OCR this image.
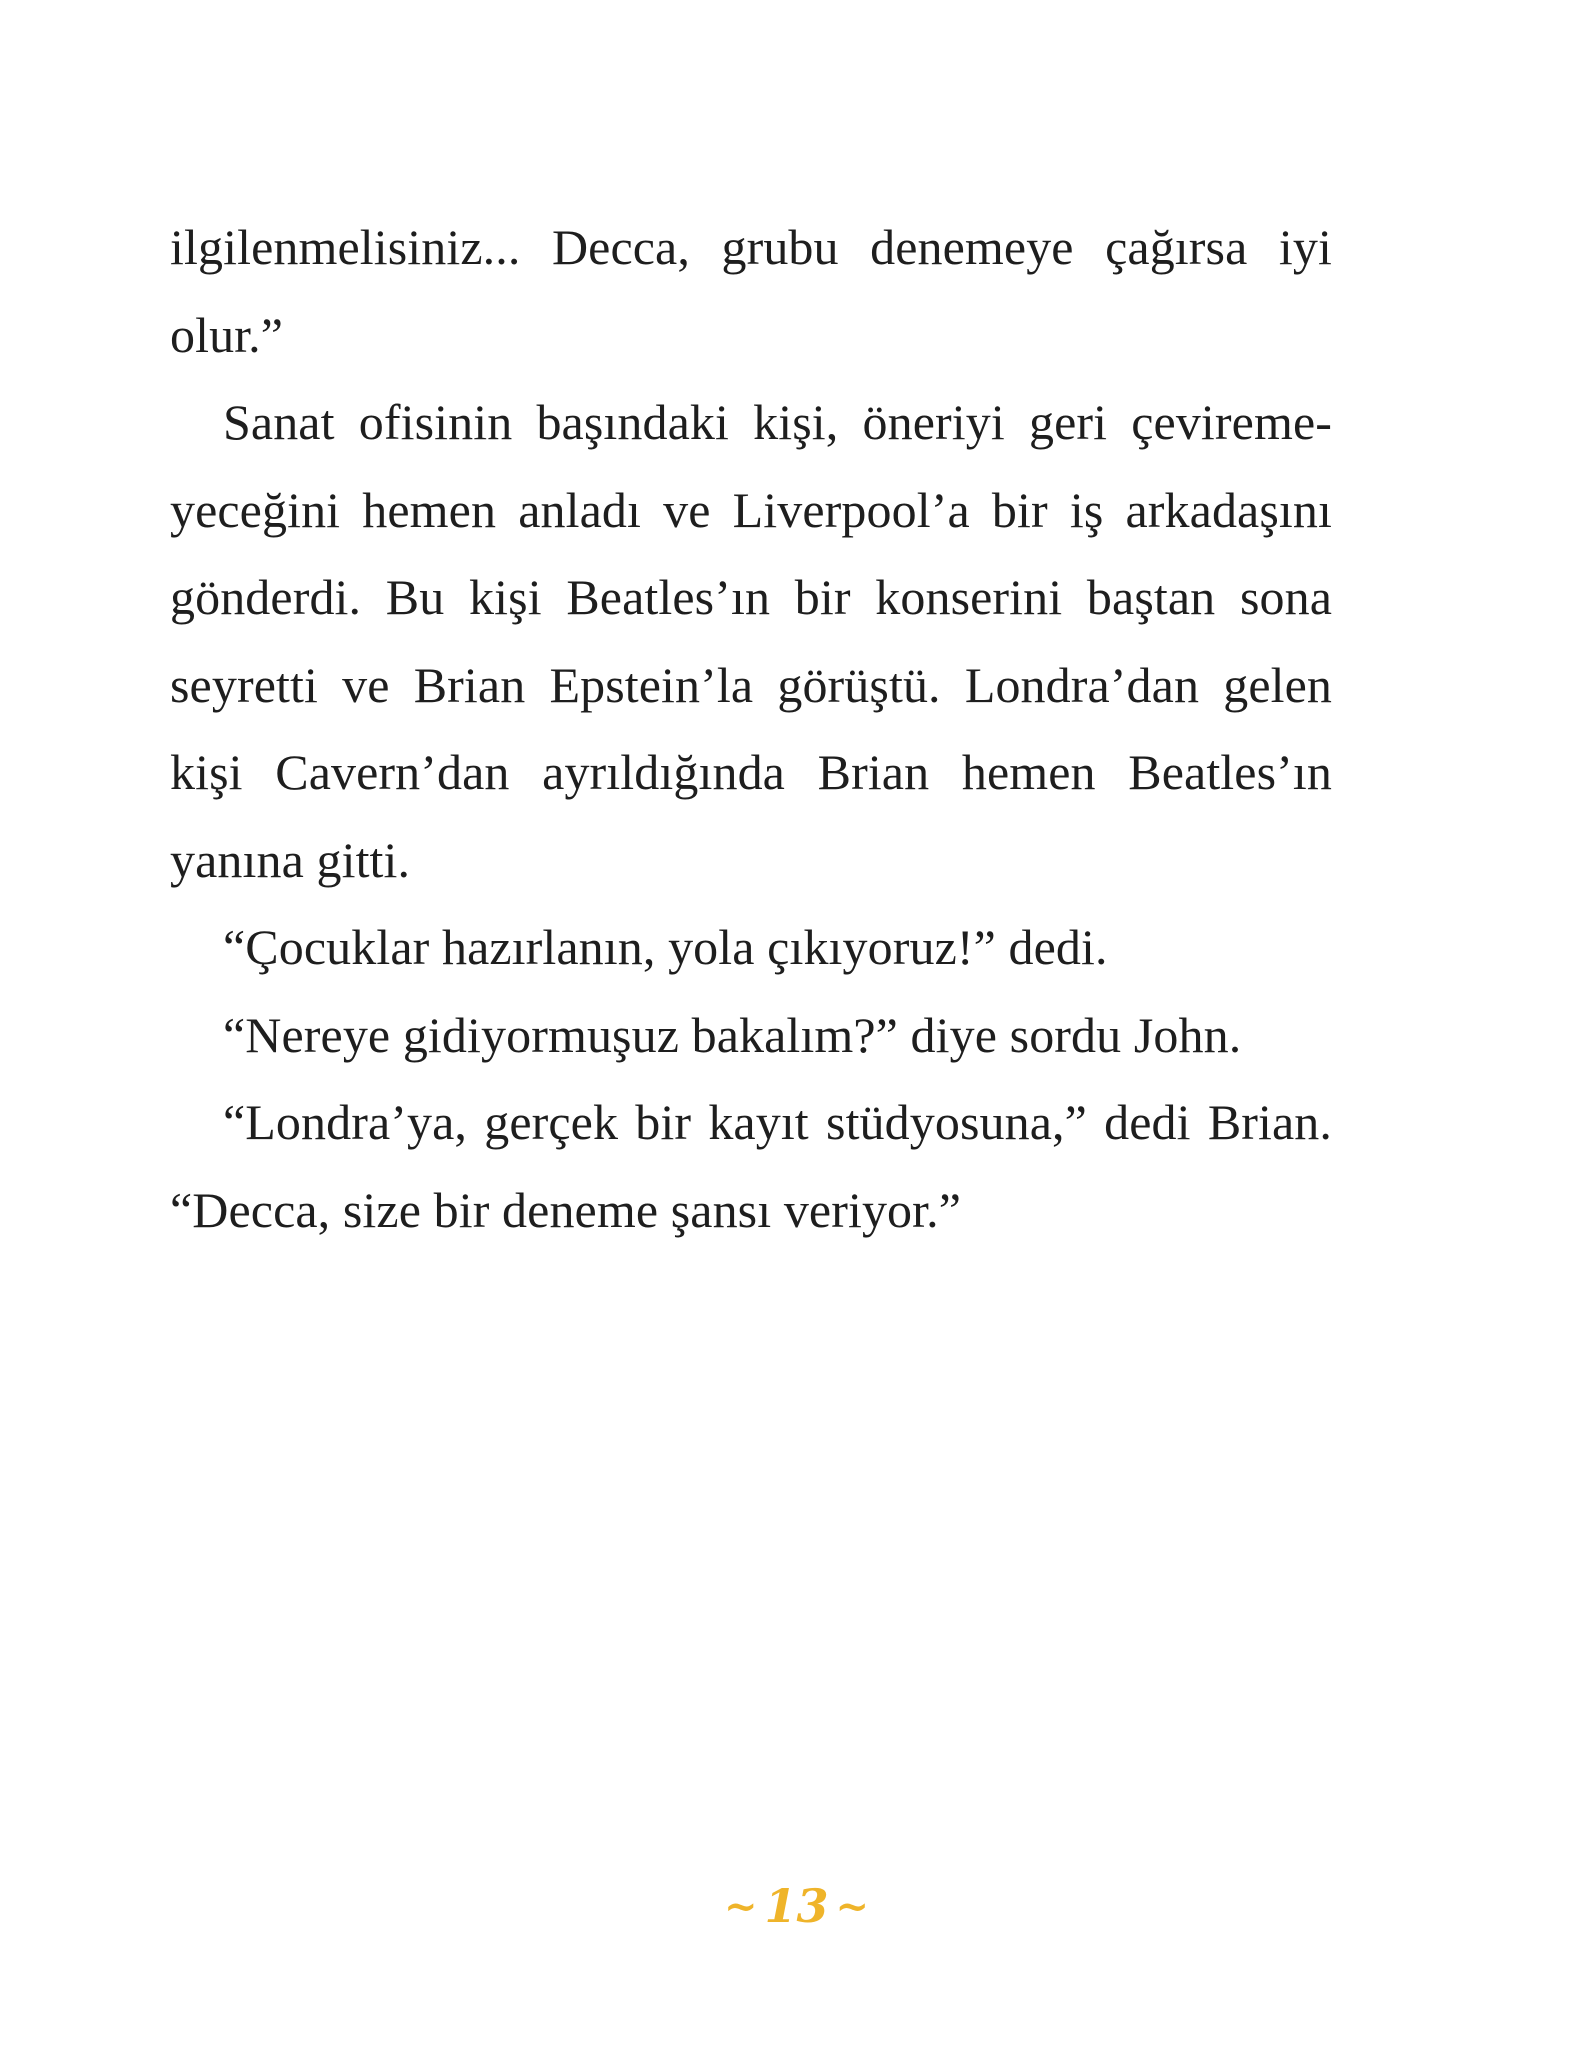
ilgilenmelisiniz... Decca, grubu denemeye çağırsa iyi
olur.”
Sanat ofisinin başındaki kişi, öneriyi geri çevireme-
yeceğini hemen anladı ve Liverpool’a bir iş arkadaşını
gönderdi. Bu kişi Beatles’ın bir konserini baştan sona
seyretti ve Brian Epstein’la görüştü. Londra’dan gelen
kişi Cavern’dan ayrıldığında Brian hemen Beatles’ın
yanına gitti.
“Çocuklar hazırlanın, yola çıkıyoruz!” dedi.
“Nereye gidiyormuşuz bakalım?” diye sordu John.
“Londra’ya, gerçek bir kayıt stüdyosuna,” dedi Brian.
“Decca, size bir deneme şansı veriyor.”
~ 13 ~
